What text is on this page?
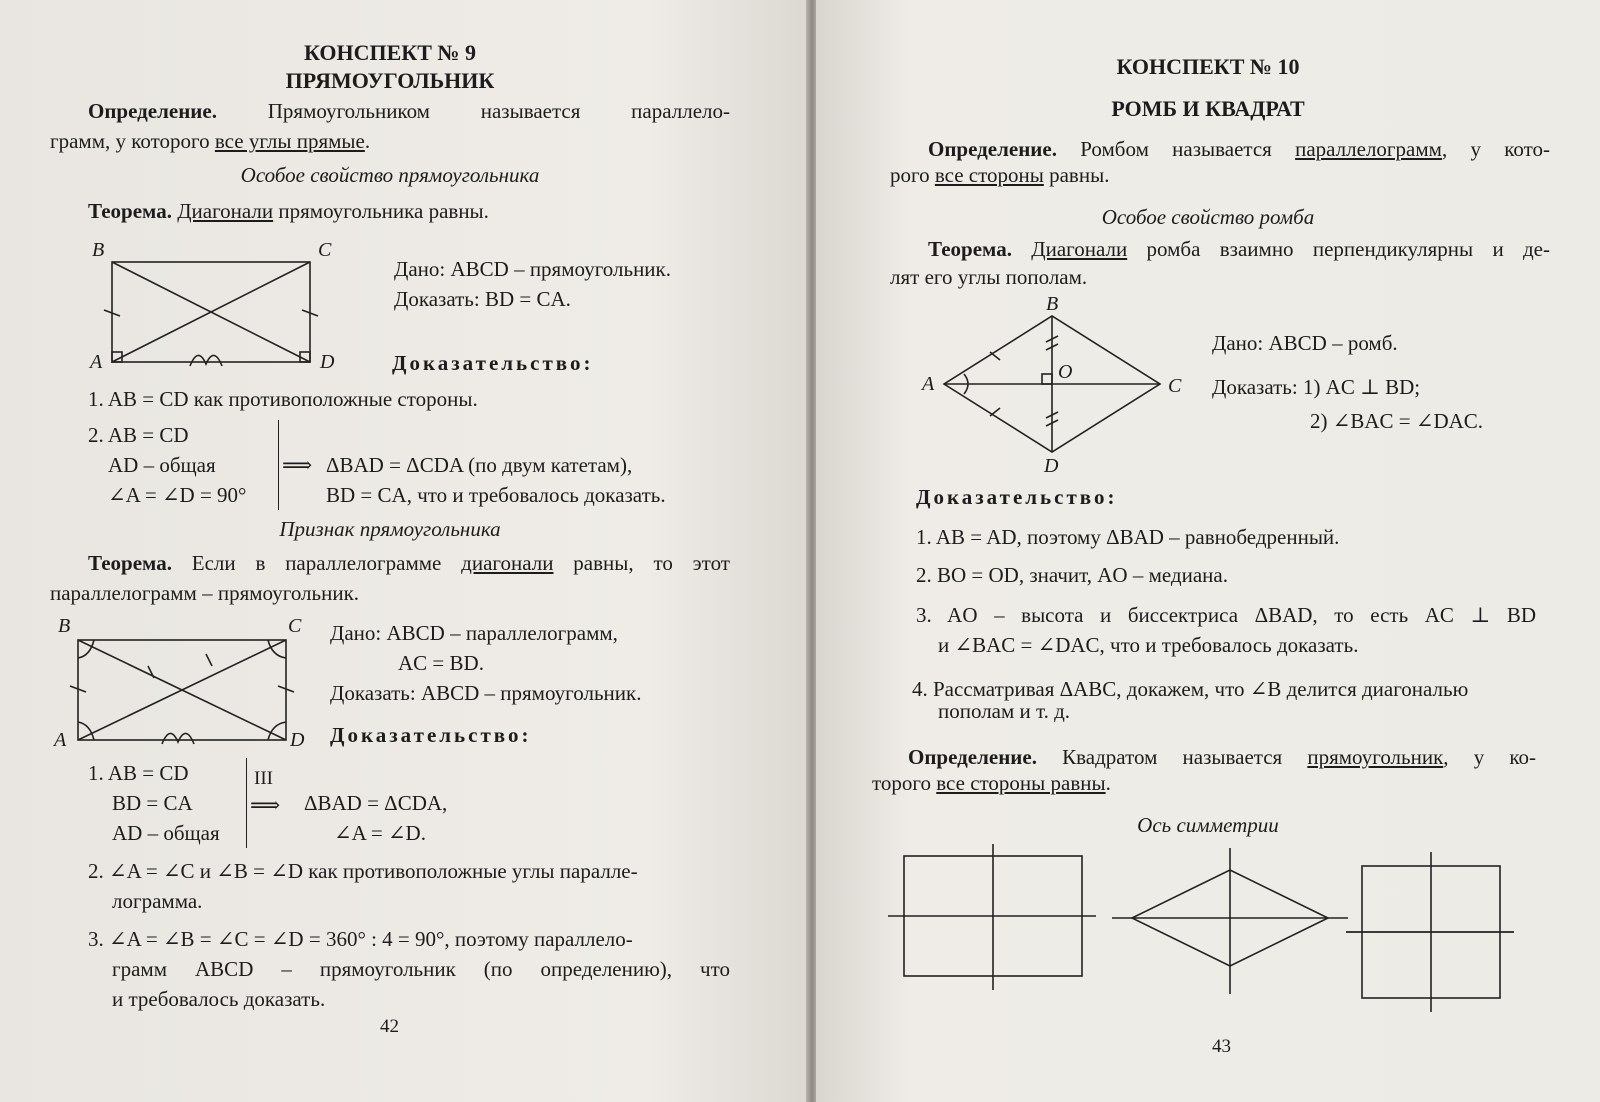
КОНСПЕКТ № 9
ПРЯМОУГОЛЬНИК
Определение. Прямоугольником называется параллело-
грамм, у которого все углы прямые.
Особое свойство прямоугольника
Теорема. Диагонали прямоугольника равны.
B	C
A	D
Дано: ABCD – прямоугольник.
Доказать: BD = CA.
Доказательство:
1. AB = CD как противоположные стороны.
2. AB = CD
AD – общая
∠A = ∠D = 90°
⟹ ΔBAD = ΔCDA (по двум катетам),
BD = CA, что и требовалось доказать.
Признак прямоугольника
Теорема. Если в параллелограмме диагонали равны, то этот
параллелограмм – прямоугольник.
B	C
A	D
Дано: ABCD – параллелограмм,
AC = BD.
Доказать: ABCD – прямоугольник.
Доказательство:
1. AB = CD
BD = CA
AD – общая
III
⟹ ΔBAD = ΔCDA,
∠A = ∠D.
2. ∠A = ∠C и ∠B = ∠D как противоположные углы паралле-
лограмма.
3. ∠A = ∠B = ∠C = ∠D = 360° : 4 = 90°, поэтому параллело-
грамм ABCD – прямоугольник (по определению), что
и требовалось доказать.
42
КОНСПЕКТ № 10
РОМБ И КВАДРАТ
Определение. Ромбом называется параллелограмм, у кото-
рого все стороны равны.
Особое свойство ромба
Теорема. Диагонали ромба взаимно перпендикулярны и де-
лят его углы пополам.
B
C
A
D
O
Дано: ABCD – ромб.
Доказать: 1) AC ⊥ BD;
2) ∠BAC = ∠DAC.
Доказательство:
1. AB = AD, поэтому ΔBAD – равнобедренный.
2. BO = OD, значит, AO – медиана.
3. AO – высота и биссектриса ΔBAD, то есть AC ⊥ BD
и ∠BAC = ∠DAC, что и требовалось доказать.
4. Рассматривая ΔABC, докажем, что ∠B делится диагональю
пополам и т. д.
Определение. Квадратом называется прямоугольник, у ко-
торого все стороны равны.
Ось симметрии
43
